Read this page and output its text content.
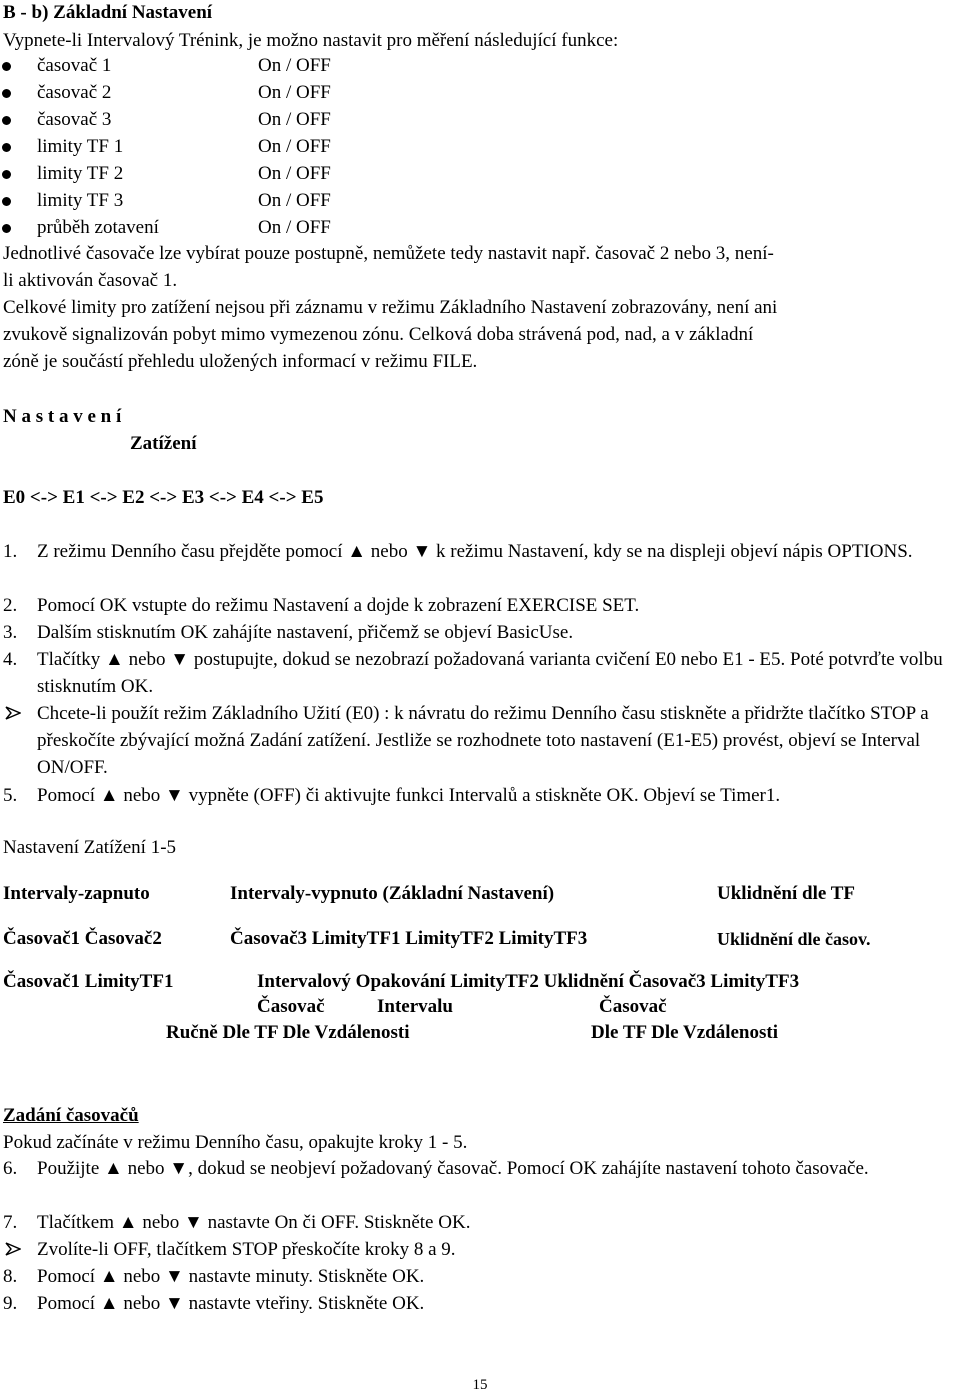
B - b) Základní Nastavení
Vypnete-li Intervalový Trénink, je možno nastavit pro měření následující funkce:
časovač 1	On / OFF
časovač 2	On / OFF
časovač 3	On / OFF
limity TF 1	On / OFF
limity TF 2	On / OFF
limity TF 3	On / OFF
průběh zotavení	On / OFF
Jednotlivé časovače lze vybírat pouze postupně, nemůžete tedy nastavit např. časovač 2 nebo 3, není-
li aktivován časovač 1.
Celkové limity pro zatížení nejsou při záznamu v režimu Základního Nastavení zobrazovány, není ani
zvukově signalizován pobyt mimo vymezenou zónu. Celková doba strávená pod, nad, a v základní
zóně je součástí přehledu uložených informací v režimu FILE.
N a s t a v e n í
Zatížení
E0 <-> E1 <-> E2 <-> E3 <-> E4 <-> E5
1. Z režimu Denního času přejděte pomocí ▲ nebo ▼ k režimu Nastavení, kdy se na displeji objeví nápis OPTIONS.
2. Pomocí OK vstupte do režimu Nastavení a dojde k zobrazení EXERCISE SET.
3. Dalším stisknutím OK zahájíte nastavení, přičemž se objeví BasicUse.
4. Tlačítky ▲ nebo ▼ postupujte, dokud se nezobrazí požadovaná varianta cvičení E0 nebo E1 - E5. Poté potvrďte volbu stisknutím OK.
Chcete-li použít režim Základního Užití (E0) : k návratu do režimu Denního času stiskněte a přidržte tlačítko STOP a přeskočíte zbývající možná Zadání zatížení. Jestliže se rozhodnete toto nastavení (E1-E5) provést, objeví se Interval ON/OFF.
5. Pomocí ▲ nebo ▼ vypněte (OFF) či aktivujte funkci Intervalů a stiskněte OK. Objeví se Timer1.
Nastavení Zatížení 1-5
Intervaly-zapnuto	Intervaly-vypnuto (Základní Nastavení)	Uklidnění dle TF
Časovač1 Časovač2	Časovač3 LimityTF1 LimityTF2 LimityTF3	Uklidnění dle časov.
Časovač1 LimityTF1	Intervalový Opakování LimityTF2 Uklidnění Časovač3 LimityTF3
Časovač	Intervalu	Časovač
Ručně Dle TF Dle Vzdálenosti	Dle TF Dle Vzdálenosti
Zadání časovačů
Pokud začínáte v režimu Denního času, opakujte kroky 1 - 5.
6. Použijte ▲ nebo ▼, dokud se neobjeví požadovaný časovač. Pomocí OK zahájíte nastavení tohoto časovače.
7. Tlačítkem ▲ nebo ▼ nastavte On či OFF. Stiskněte OK.
Zvolíte-li OFF, tlačítkem STOP přeskočíte kroky 8 a 9.
8. Pomocí ▲ nebo ▼ nastavte minuty. Stiskněte OK.
9. Pomocí ▲ nebo ▼ nastavte vteřiny. Stiskněte OK.
15
